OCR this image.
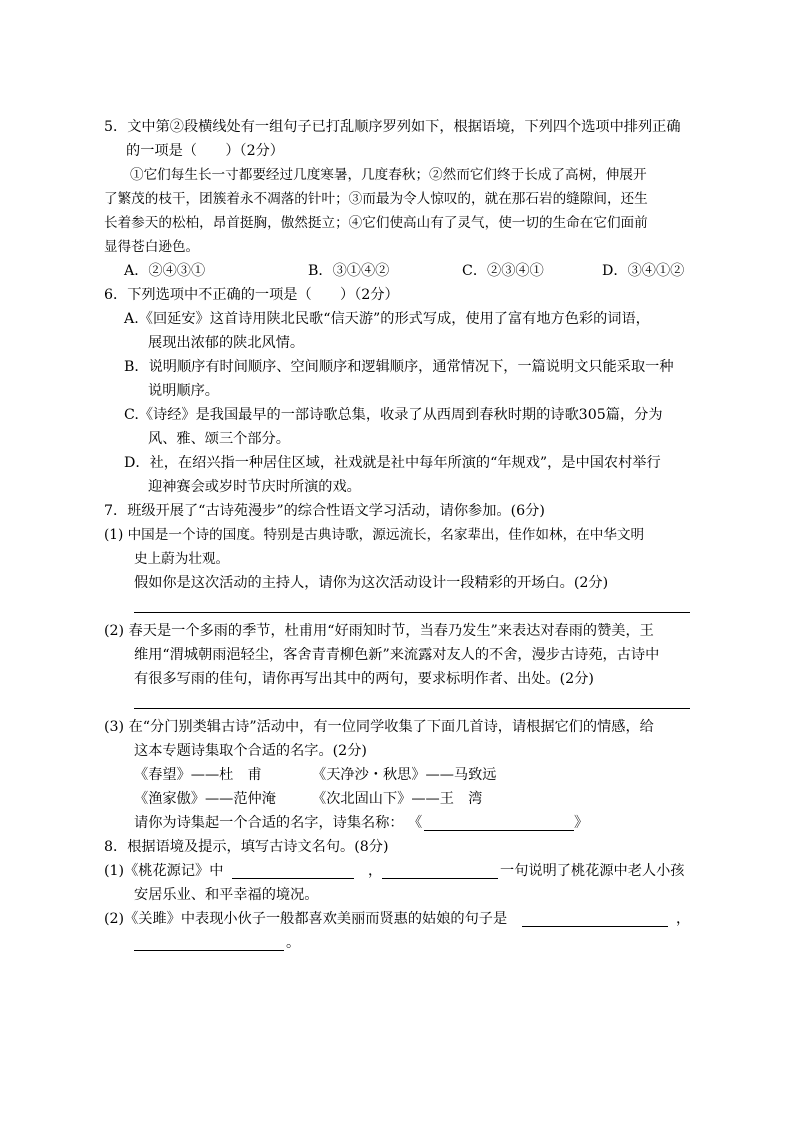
5．文中第②段横线处有一组句子已打乱顺序罗列如下，根据语境，下列四个选项中排列正确
的一项是（　　）（2分）
①它们每生长一寸都要经过几度寒暑，几度春秋；②然而它们终于长成了高树，伸展开
了繁茂的枝干，团簇着永不凋落的针叶；③而最为令人惊叹的，就在那石岩的缝隙间，还生
长着参天的松柏，昂首挺胸，傲然挺立；④它们使高山有了灵气，使一切的生命在它们面前
显得苍白逊色。
A．②④③①	B．③①④②	C．②③④①	D．③④①②
6．下列选项中不正确的一项是（　　）（2分）
A.《回延安》这首诗用陕北民歌“信天游”的形式写成，使用了富有地方色彩的词语，
展现出浓郁的陕北风情。
B．说明顺序有时间顺序、空间顺序和逻辑顺序，通常情况下，一篇说明文只能采取一种
说明顺序。
C.《诗经》是我国最早的一部诗歌总集，收录了从西周到春秋时期的诗歌305篇，分为
风、雅、颂三个部分。
D．社，在绍兴指一种居住区域，社戏就是社中每年所演的“年规戏”，是中国农村举行
迎神赛会或岁时节庆时所演的戏。
7．班级开展了“古诗苑漫步”的综合性语文学习活动，请你参加。(6分)
(1) 中国是一个诗的国度。特别是古典诗歌，源远流长，名家辈出，佳作如林，在中华文明
史上蔚为壮观。
假如你是这次活动的主持人，请你为这次活动设计一段精彩的开场白。(2分)
(2) 春天是一个多雨的季节，杜甫用“好雨知时节，当春乃发生”来表达对春雨的赞美，王
维用“渭城朝雨浥轻尘，客舍青青柳色新”来流露对友人的不舍，漫步古诗苑，古诗中
有很多写雨的佳句，请你再写出其中的两句，要求标明作者、出处。(2分)
(3) 在“分门别类辑古诗”活动中，有一位同学收集了下面几首诗，请根据它们的情感，给
这本专题诗集取个合适的名字。(2分)
《春望》——杜　甫	《天净沙・秋思》——马致远
《渔家傲》——范仲淹	《次北固山下》——王　湾
请你为诗集起一个合适的名字，诗集名称： 《	》
8．根据语境及提示，填写古诗文名句。(8分)
(1)《桃花源记》中	，	一句说明了桃花源中老人小孩
安居乐业、和平幸福的境况。
(2)《关雎》中表现小伙子一般都喜欢美丽而贤惠的姑娘的句子是	，
。
